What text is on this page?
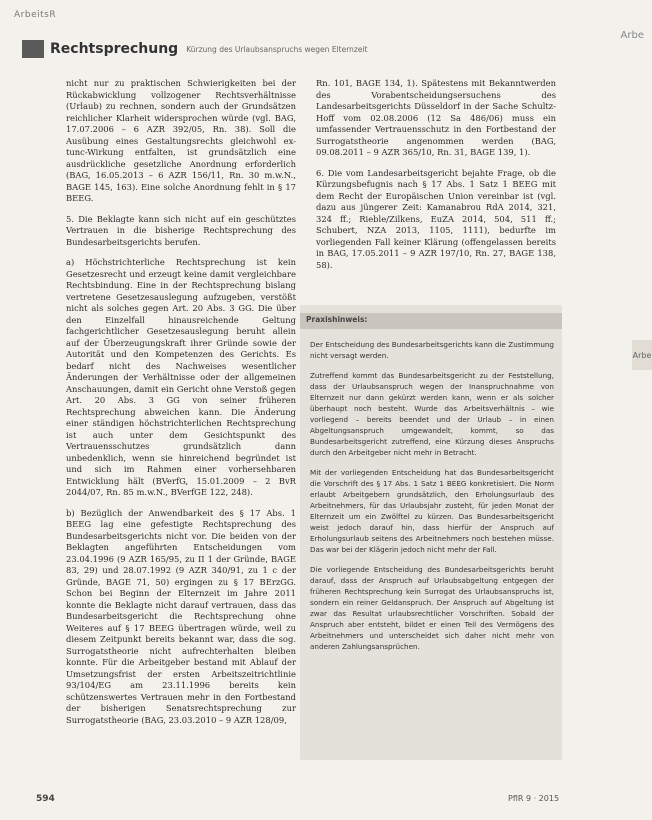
ArbeitsR
Arbe
Arbe
Rechtsprechung Kürzung des Urlaubsanspruchs wegen Elternzeit

nicht nur zu praktischen Schwierigkeiten bei der Rückabwicklung vollzogener Rechtsverhältnisse (Urlaub) zu rechnen, sondern auch der Grundsätzen reichlicher Klarheit widersprochen würde (vgl. BAG, 17.07.2006 – 6 AZR 392/05, Rn. 38). Soll die Ausübung eines Gestaltungsrechts gleichwohl ex-tunc-Wirkung entfalten, ist grundsätzlich eine ausdrückliche gesetzliche Anordnung erforderlich (BAG, 16.05.2013 – 6 AZR 156/11, Rn. 30 m.w.N., BAGE 145, 163). Eine solche Anordnung fehlt in § 17 BEEG.

5. Die Beklagte kann sich nicht auf ein geschütztes Vertrauen in die bisherige Rechtsprechung des Bundesarbeitsgerichts berufen.

a) Höchstrichterliche Rechtsprechung ist kein Gesetzesrecht und erzeugt keine damit vergleichbare Rechtsbindung. Eine in der Rechtsprechung bislang vertretene Gesetzesauslegung aufzugeben, verstößt nicht als solches gegen Art. 20 Abs. 3 GG. Die über den Einzelfall hinausreichende Geltung fachgerichtlicher Gesetzesauslegung beruht allein auf der Überzeugungskraft ihrer Gründe sowie der Autorität und den Kompetenzen des Gerichts. Es bedarf nicht des Nachweises wesentlicher Änderungen der Verhältnisse oder der allgemeinen Anschauungen, damit ein Gericht ohne Verstoß gegen Art. 20 Abs. 3 GG von seiner früheren Rechtsprechung abweichen kann. Die Änderung einer ständigen höchstrichterlichen Rechtsprechung ist auch unter dem Gesichtspunkt des Vertrauensschutzes grundsätzlich dann unbedenklich, wenn sie hinreichend begründet ist und sich im Rahmen einer vorhersehbaren Entwicklung hält (BVerfG, 15.01.2009 – 2 BvR 2044/07, Rn. 85 m.w.N., BVerfGE 122, 248).

b) Bezüglich der Anwendbarkeit des § 17 Abs. 1 BEEG lag eine gefestigte Rechtsprechung des Bundesarbeitsgerichts nicht vor. Die beiden von der Beklagten angeführten Entscheidungen vom 23.04.1996 (9 AZR 165/95, zu II 1 der Gründe, BAGE 83, 29) und 28.07.1992 (9 AZR 340/91, zu 1 c der Gründe, BAGE 71, 50) ergingen zu § 17 BErzGG. Schon bei Beginn der Elternzeit im Jahre 2011 konnte die Beklagte nicht darauf vertrauen, dass das Bundesarbeitsgericht die Rechtsprechung ohne Weiteres auf § 17 BEEG übertragen würde, weil zu diesem Zeitpunkt bereits bekannt war, dass die sog. Surrogatstheorie nicht aufrechterhalten bleiben konnte. Für die Arbeitgeber bestand mit Ablauf der Umsetzungsfrist der ersten Arbeitszeitrichtlinie 93/104/EG am 23.11.1996 bereits kein schützenswertes Vertrauen mehr in den Fortbestand der bisherigen Senatsrechtsprechung zur Surrogatstheorie (BAG, 23.03.2010 – 9 AZR 128/09,

Rn. 101, BAGE 134, 1). Spätestens mit Bekanntwerden des Vorabentscheidungsersuchens des Landesarbeitsgerichts Düsseldorf in der Sache Schultz-Hoff vom 02.08.2006 (12 Sa 486/06) muss ein umfassender Vertrauensschutz in den Fortbestand der Surrogatstheorie angenommen werden (BAG, 09.08.2011 – 9 AZR 365/10, Rn. 31, BAGE 139, 1).

6. Die vom Landesarbeitsgericht bejahte Frage, ob die Kürzungsbefugnis nach § 17 Abs. 1 Satz 1 BEEG mit dem Recht der Europäischen Union vereinbar ist (vgl. dazu aus jüngerer Zeit: Kamanabrou RdA 2014, 321, 324 ff.; Rieble/Zilkens, EuZA 2014, 504, 511 ff.; Schubert, NZA 2013, 1105, 1111), bedurfte im vorliegenden Fall keiner Klärung (offengelassen bereits in BAG, 17.05.2011 – 9 AZR 197/10, Rn. 27, BAGE 138, 58).

Praxishinweis:

Der Entscheidung des Bundesarbeitsgerichts kann die Zustimmung nicht versagt werden.

Zutreffend kommt das Bundesarbeitsgericht zu der Feststellung, dass der Urlaubsanspruch wegen der Inanspruchnahme von Elternzeit nur dann gekürzt werden kann, wenn er als solcher überhaupt noch besteht. Wurde das Arbeitsverhältnis – wie vorliegend – bereits beendet und der Urlaub – in einen Abgeltungsanspruch umgewandelt, kommt, so das Bundesarbeitsgericht zutreffend, eine Kürzung dieses Anspruchs durch den Arbeitgeber nicht mehr in Betracht.

Mit der vorliegenden Entscheidung hat das Bundesarbeitsgericht die Vorschrift des § 17 Abs. 1 Satz 1 BEEG konkretisiert. Die Norm erlaubt Arbeitgebern grundsätzlich, den Erholungsurlaub des Arbeitnehmers, für das Urlaubsjahr zusteht, für jeden Monat der Elternzeit um ein Zwölftel zu kürzen. Das Bundesarbeitsgericht weist jedoch darauf hin, dass hierfür der Anspruch auf Erholungsurlaub seitens des Arbeitnehmers noch bestehen müsse. Das war bei der Klägerin jedoch nicht mehr der Fall.

Die vorliegende Entscheidung des Bundesarbeitsgerichts beruht darauf, dass der Anspruch auf Urlaubsabgeltung entgegen der früheren Rechtsprechung kein Surrogat des Urlaubsanspruchs ist, sondern ein reiner Geldanspruch. Der Anspruch auf Abgeltung ist zwar das Resultat urlaubsrechtlicher Vorschriften. Sobald der Anspruch aber entsteht, bildet er einen Teil des Vermögens des Arbeitnehmers und unterscheidet sich daher nicht mehr von anderen Zahlungsansprüchen.

594	PflR 9 · 2015
